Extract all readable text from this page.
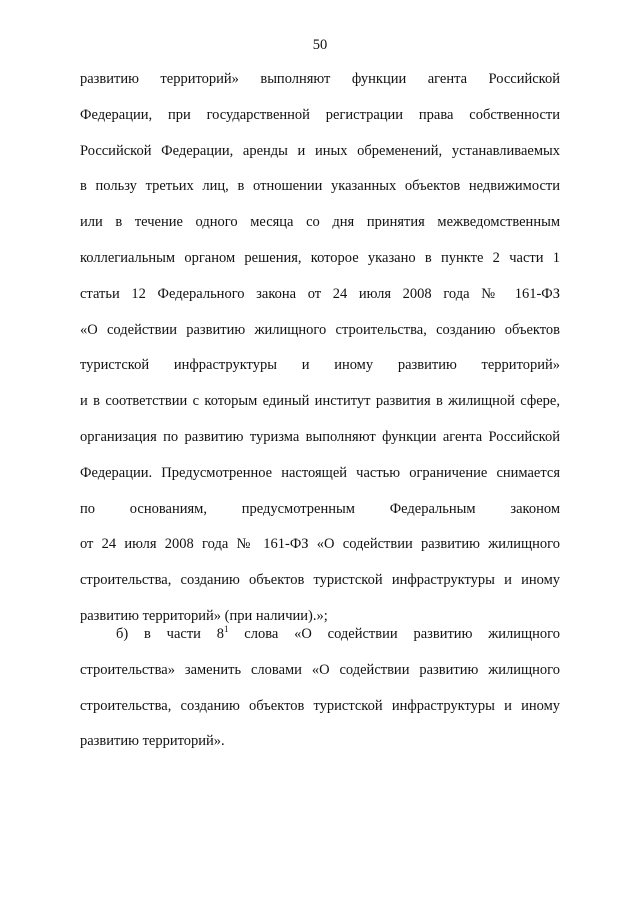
50
развитию территорий» выполняют функции агента Российской
Федерации, при государственной регистрации права собственности
Российской Федерации, аренды и иных обременений, устанавливаемых
в пользу третьих лиц, в отношении указанных объектов недвижимости
или в течение одного месяца со дня принятия межведомственным
коллегиальным органом решения, которое указано в пункте 2 части 1
статьи 12 Федерального закона от 24 июля 2008 года № 161-ФЗ
«О содействии развитию жилищного строительства, созданию объектов
туристской инфраструктуры и иному развитию территорий»
и в соответствии с которым единый институт развития в жилищной сфере,
организация по развитию туризма выполняют функции агента Российской
Федерации. Предусмотренное настоящей частью ограничение снимается
по основаниям, предусмотренным Федеральным законом
от 24 июля 2008 года № 161-ФЗ «О содействии развитию жилищного
строительства, созданию объектов туристской инфраструктуры и иному
развитию территорий» (при наличии).»;
б) в части $8^1$ слова «О содействии развитию жилищного
строительства» заменить словами «О содействии развитию жилищного
строительства, созданию объектов туристской инфраструктуры и иному
развитию территорий».
